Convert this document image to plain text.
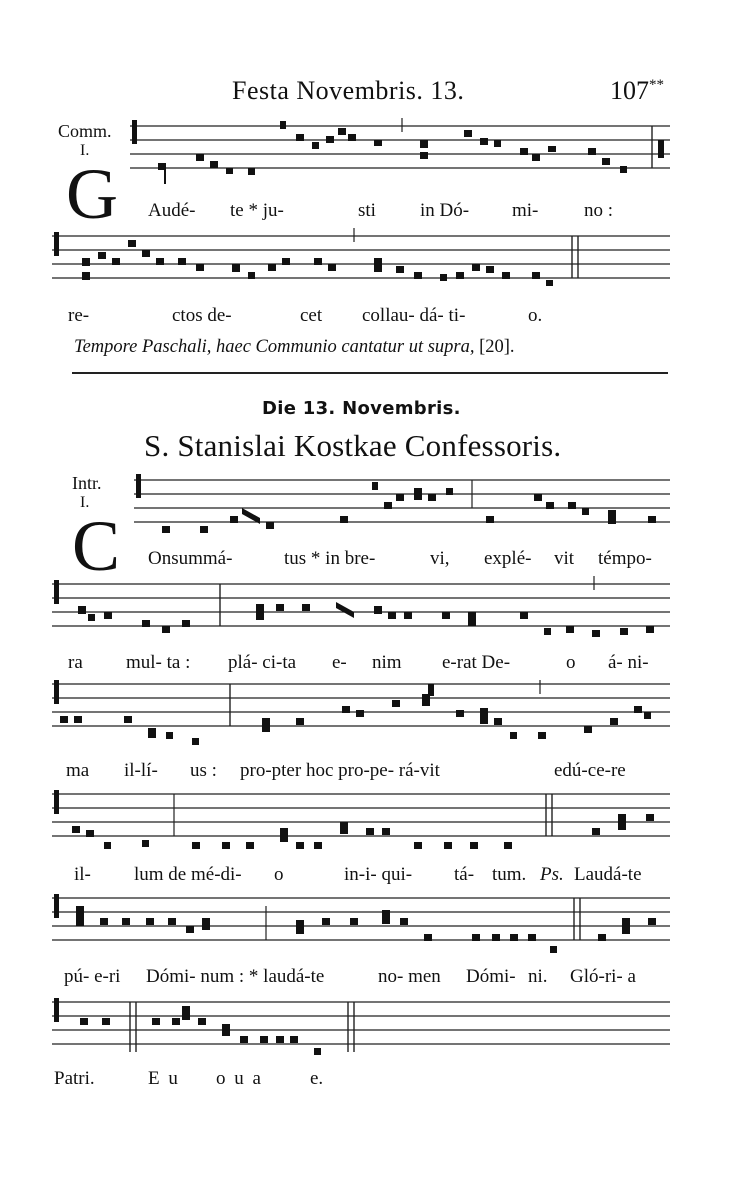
Festa Novembris. 13.	107**
Comm.
I.
G Audé- te * ju-	sti in Dó- mi- no :
re-	ctos de-	cet collau- dá- ti-	o.
Tempore Paschali, haec Communio cantatur ut supra, [20].
Die 13. Novembris.
S. Stanislai Kostkae Confessoris.
Intr.
I.
C Onsummá-	tus * in bre-	vi, explé- vit témpo-
ra mul- ta : plá- ci-ta e- nim e-rat De-	o á- ni-
ma il-lí- us : pro-pter hoc pro-pe- rá-vit	edú-ce-re
il- lum de mé-di- o	in-i- qui- tá- tum. Ps. Laudá-te
pú- e-ri Dómi- num : * laudá-te	no- men Dómi- ni. Gló-ri- a
Patri.	E u o u a e.
